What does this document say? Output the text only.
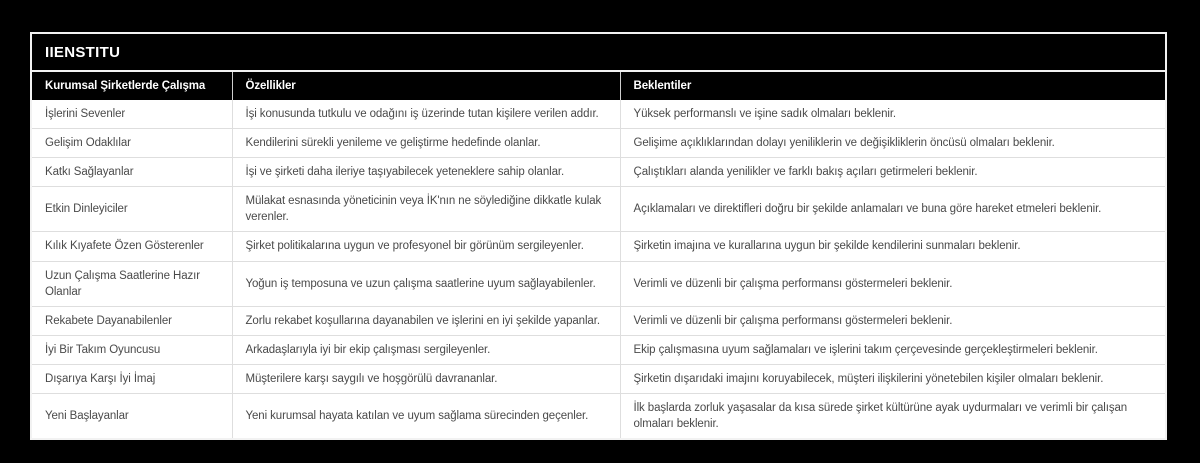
IIENSTITU
Kurumsal Şirketlerde Çalışma	Özellikler	Beklentiler
İşlerini Sevenler	İşi konusunda tutkulu ve odağını iş üzerinde tutan kişilere verilen addır.	Yüksek performanslı ve işine sadık olmaları beklenir.
Gelişim Odaklılar	Kendilerini sürekli yenileme ve geliştirme hedefinde olanlar.	Gelişime açıklıklarından dolayı yeniliklerin ve değişikliklerin öncüsü olmaları beklenir.
Katkı Sağlayanlar	İşi ve şirketi daha ileriye taşıyabilecek yeteneklere sahip olanlar.	Çalıştıkları alanda yenilikler ve farklı bakış açıları getirmeleri beklenir.
Etkin Dinleyiciler	Mülakat esnasında yöneticinin veya İK'nın ne söylediğine dikkatle kulak verenler.	Açıklamaları ve direktifleri doğru bir şekilde anlamaları ve buna göre hareket etmeleri beklenir.
Kılık Kıyafete Özen Gösterenler	Şirket politikalarına uygun ve profesyonel bir görünüm sergileyenler.	Şirketin imajına ve kurallarına uygun bir şekilde kendilerini sunmaları beklenir.
Uzun Çalışma Saatlerine Hazır Olanlar	Yoğun iş temposuna ve uzun çalışma saatlerine uyum sağlayabilenler.	Verimli ve düzenli bir çalışma performansı göstermeleri beklenir.
Rekabete Dayanabilenler	Zorlu rekabet koşullarına dayanabilen ve işlerini en iyi şekilde yapanlar.	Verimli ve düzenli bir çalışma performansı göstermeleri beklenir.
İyi Bir Takım Oyuncusu	Arkadaşlarıyla iyi bir ekip çalışması sergileyenler.	Ekip çalışmasına uyum sağlamaları ve işlerini takım çerçevesinde gerçekleştirmeleri beklenir.
Dışarıya Karşı İyi İmaj	Müşterilere karşı saygılı ve hoşgörülü davrananlar.	Şirketin dışarıdaki imajını koruyabilecek, müşteri ilişkilerini yönetebilen kişiler olmaları beklenir.
Yeni Başlayanlar	Yeni kurumsal hayata katılan ve uyum sağlama sürecinden geçenler.	İlk başlarda zorluk yaşasalar da kısa sürede şirket kültürüne ayak uydurmaları ve verimli bir çalışan olmaları beklenir.
